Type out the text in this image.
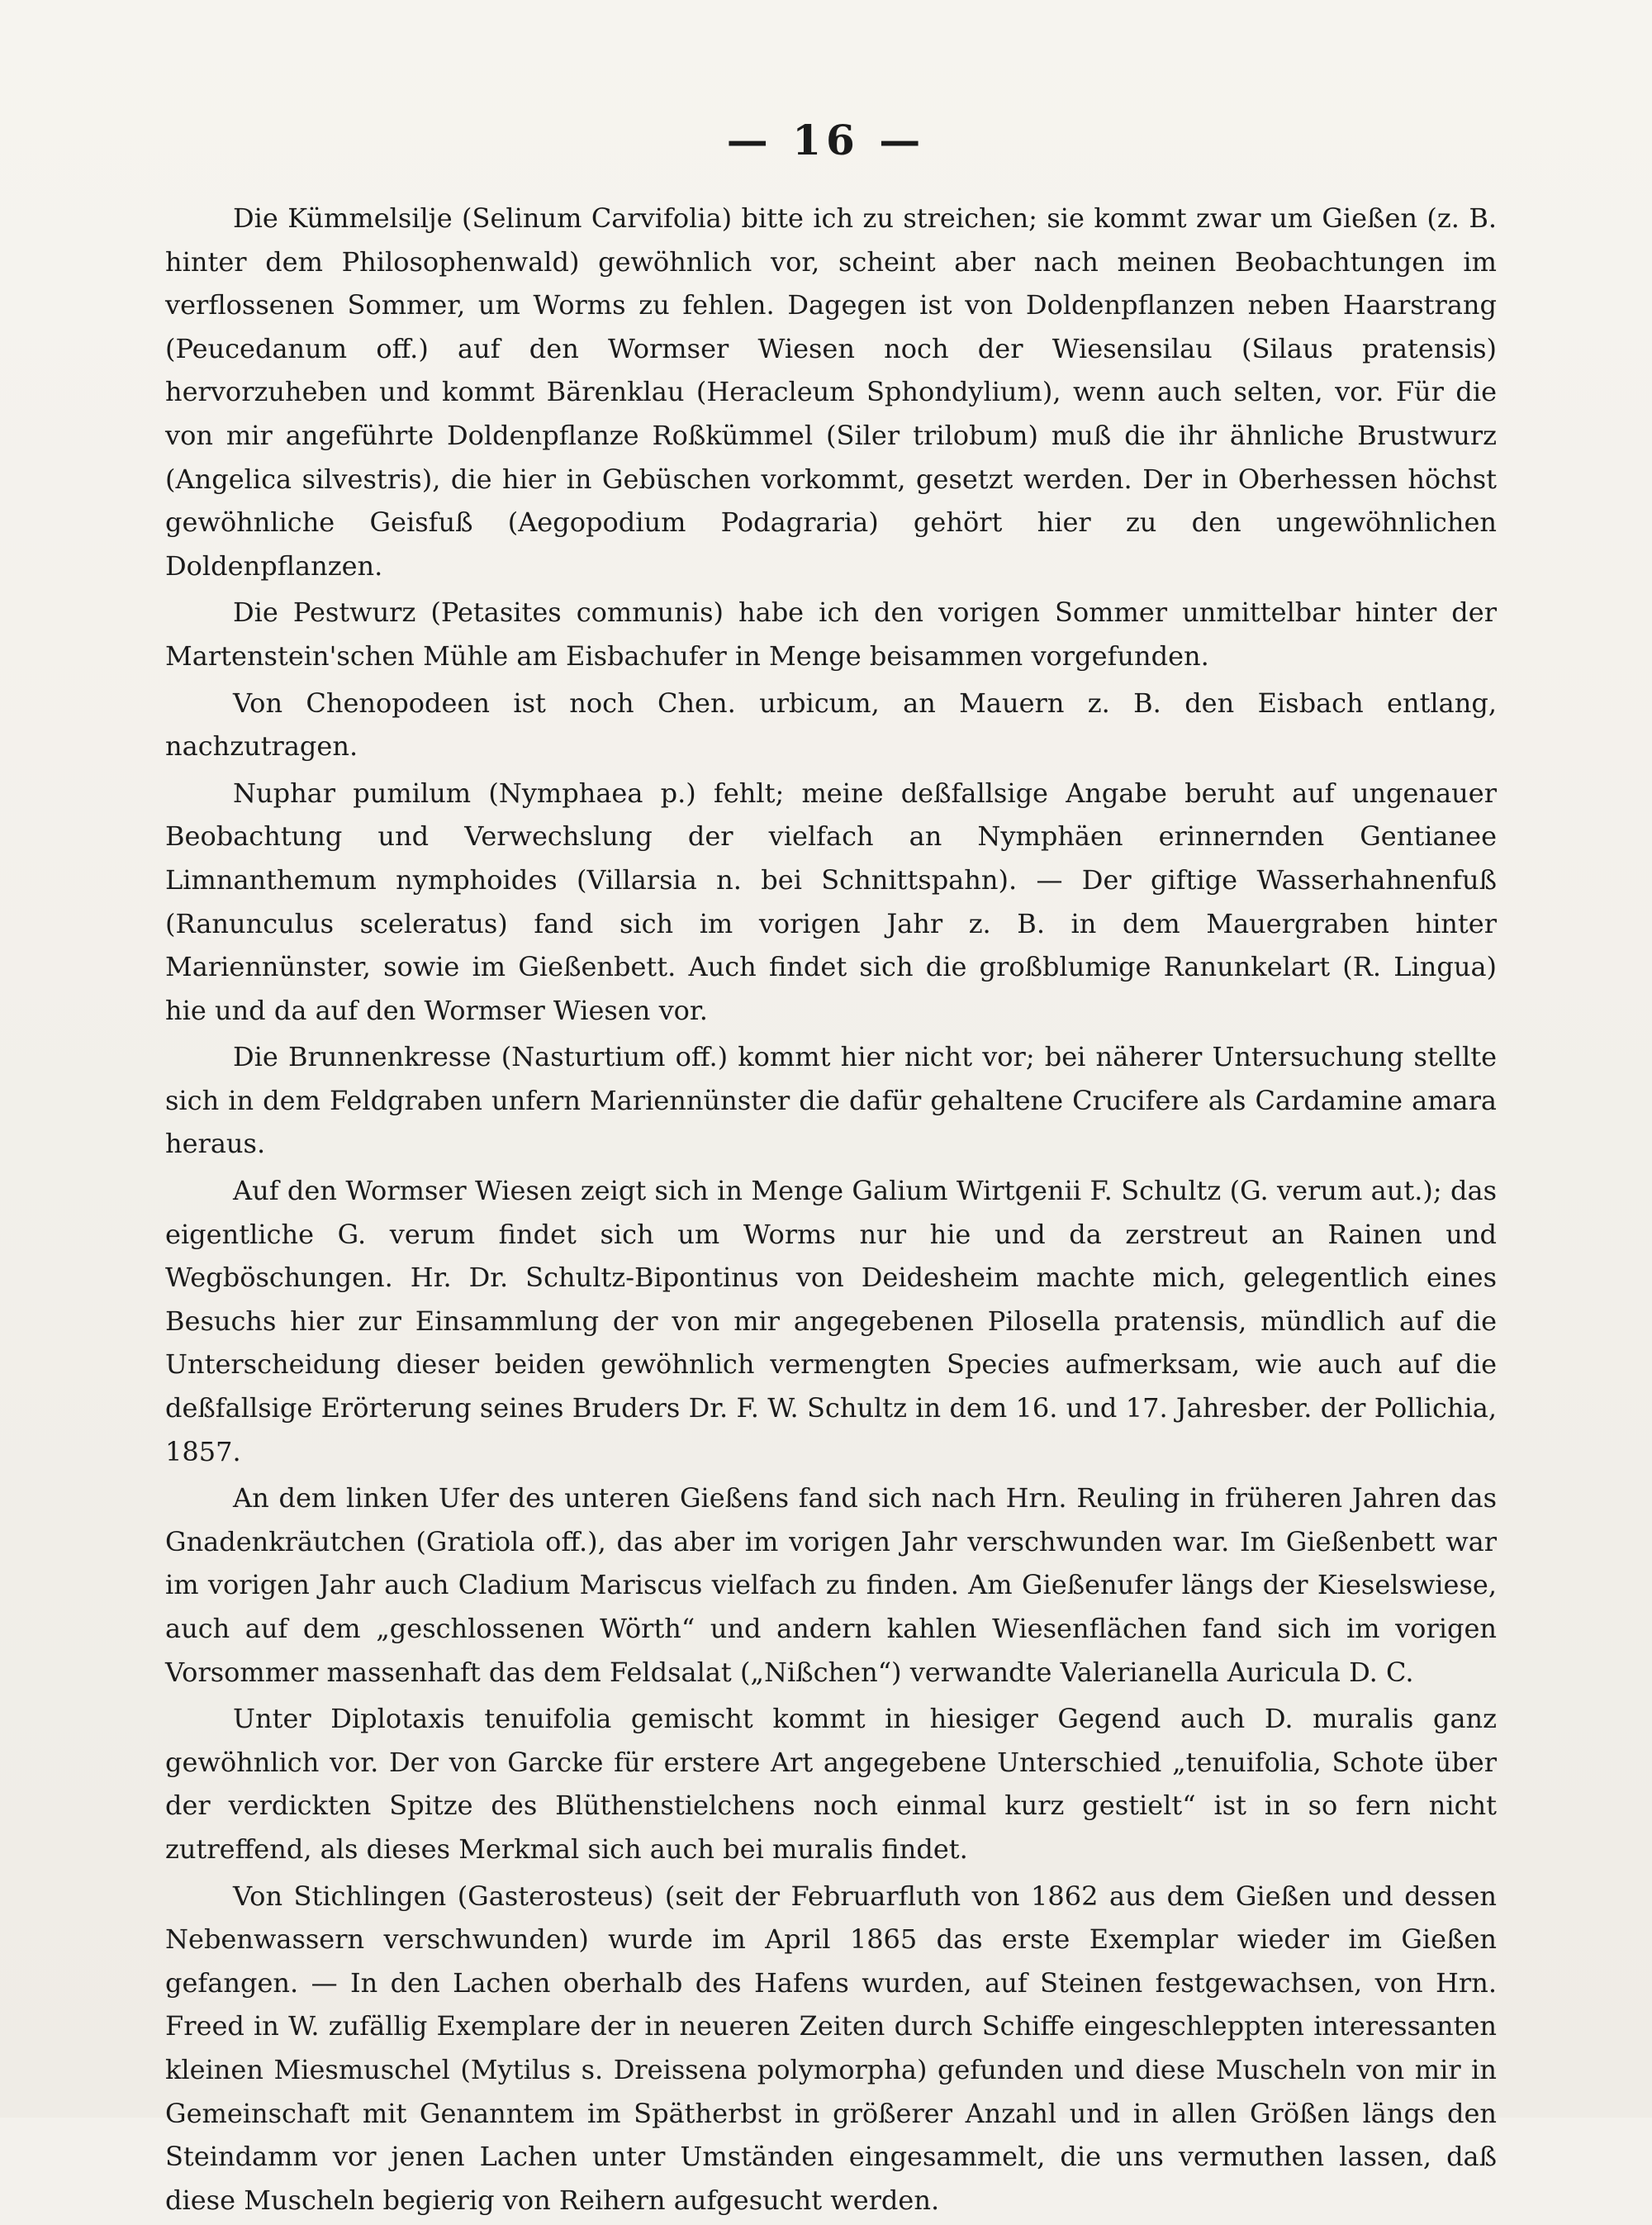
— 16 —

Die Kümmelsilje (Selinum Carvifolia) bitte ich zu streichen; sie kommt zwar um Gießen (z. B. hinter dem Philosophenwald) gewöhnlich vor, scheint aber nach meinen Beobachtungen im verflossenen Sommer, um Worms zu fehlen. Dagegen ist von Doldenpflanzen neben Haarstrang (Peucedanum off.) auf den Wormser Wiesen noch der Wiesensilau (Silaus pratensis) hervorzuheben und kommt Bärenklau (Heracleum Sphondylium), wenn auch selten, vor. Für die von mir angeführte Doldenpflanze Roßkümmel (Siler trilobum) muß die ihr ähnliche Brustwurz (Angelica silvestris), die hier in Gebüschen vorkommt, gesetzt werden. Der in Oberhessen höchst gewöhnliche Geisfuß (Aegopodium Podagraria) gehört hier zu den ungewöhnlichen Doldenpflanzen.

Die Pestwurz (Petasites communis) habe ich den vorigen Sommer unmittelbar hinter der Martenstein'schen Mühle am Eisbachufer in Menge beisammen vorgefunden.

Von Chenopodeen ist noch Chen. urbicum, an Mauern z. B. den Eisbach entlang, nachzutragen.

Nuphar pumilum (Nymphaea p.) fehlt; meine deßfallsige Angabe beruht auf ungenauer Beobachtung und Verwechslung der vielfach an Nymphäen erinnernden Gentianee Limnanthemum nymphoides (Villarsia n. bei Schnittspahn). — Der giftige Wasserhahnenfuß (Ranunculus sceleratus) fand sich im vorigen Jahr z. B. in dem Mauergraben hinter Mariennünster, sowie im Gießenbett. Auch findet sich die großblumige Ranunkelart (R. Lingua) hie und da auf den Wormser Wiesen vor.

Die Brunnenkresse (Nasturtium off.) kommt hier nicht vor; bei näherer Untersuchung stellte sich in dem Feldgraben unfern Mariennünster die dafür gehaltene Crucifere als Cardamine amara heraus.

Auf den Wormser Wiesen zeigt sich in Menge Galium Wirtgenii F. Schultz (G. verum aut.); das eigentliche G. verum findet sich um Worms nur hie und da zerstreut an Rainen und Wegböschungen. Hr. Dr. Schultz-Bipontinus von Deidesheim machte mich, gelegentlich eines Besuchs hier zur Einsammlung der von mir angegebenen Pilosella pratensis, mündlich auf die Unterscheidung dieser beiden gewöhnlich vermengten Species aufmerksam, wie auch auf die deßfallsige Erörterung seines Bruders Dr. F. W. Schultz in dem 16. und 17. Jahresber. der Pollichia, 1857.

An dem linken Ufer des unteren Gießens fand sich nach Hrn. Reuling in früheren Jahren das Gnadenkräutchen (Gratiola off.), das aber im vorigen Jahr verschwunden war. Im Gießenbett war im vorigen Jahr auch Cladium Mariscus vielfach zu finden. Am Gießenufer längs der Kieselswiese, auch auf dem „geschlossenen Wörth“ und andern kahlen Wiesenflächen fand sich im vorigen Vorsommer massenhaft das dem Feldsalat („Nißchen“) verwandte Valerianella Auricula D. C.

Unter Diplotaxis tenuifolia gemischt kommt in hiesiger Gegend auch D. muralis ganz gewöhnlich vor. Der von Garcke für erstere Art angegebene Unterschied „tenuifolia, Schote über der verdickten Spitze des Blüthenstielchens noch einmal kurz gestielt“ ist in so fern nicht zutreffend, als dieses Merkmal sich auch bei muralis findet.

Von Stichlingen (Gasterosteus) (seit der Februarfluth von 1862 aus dem Gießen und dessen Nebenwassern verschwunden) wurde im April 1865 das erste Exemplar wieder im Gießen gefangen. — In den Lachen oberhalb des Hafens wurden, auf Steinen festgewachsen, von Hrn. Freed in W. zufällig Exemplare der in neueren Zeiten durch Schiffe eingeschleppten interessanten kleinen Miesmuschel (Mytilus s. Dreissena polymorpha) gefunden und diese Muscheln von mir in Gemeinschaft mit Genanntem im Spätherbst in größerer Anzahl und in allen Größen längs den Steindamm vor jenen Lachen unter Umständen eingesammelt, die uns vermuthen lassen, daß diese Muscheln begierig von Reihern aufgesucht werden.
